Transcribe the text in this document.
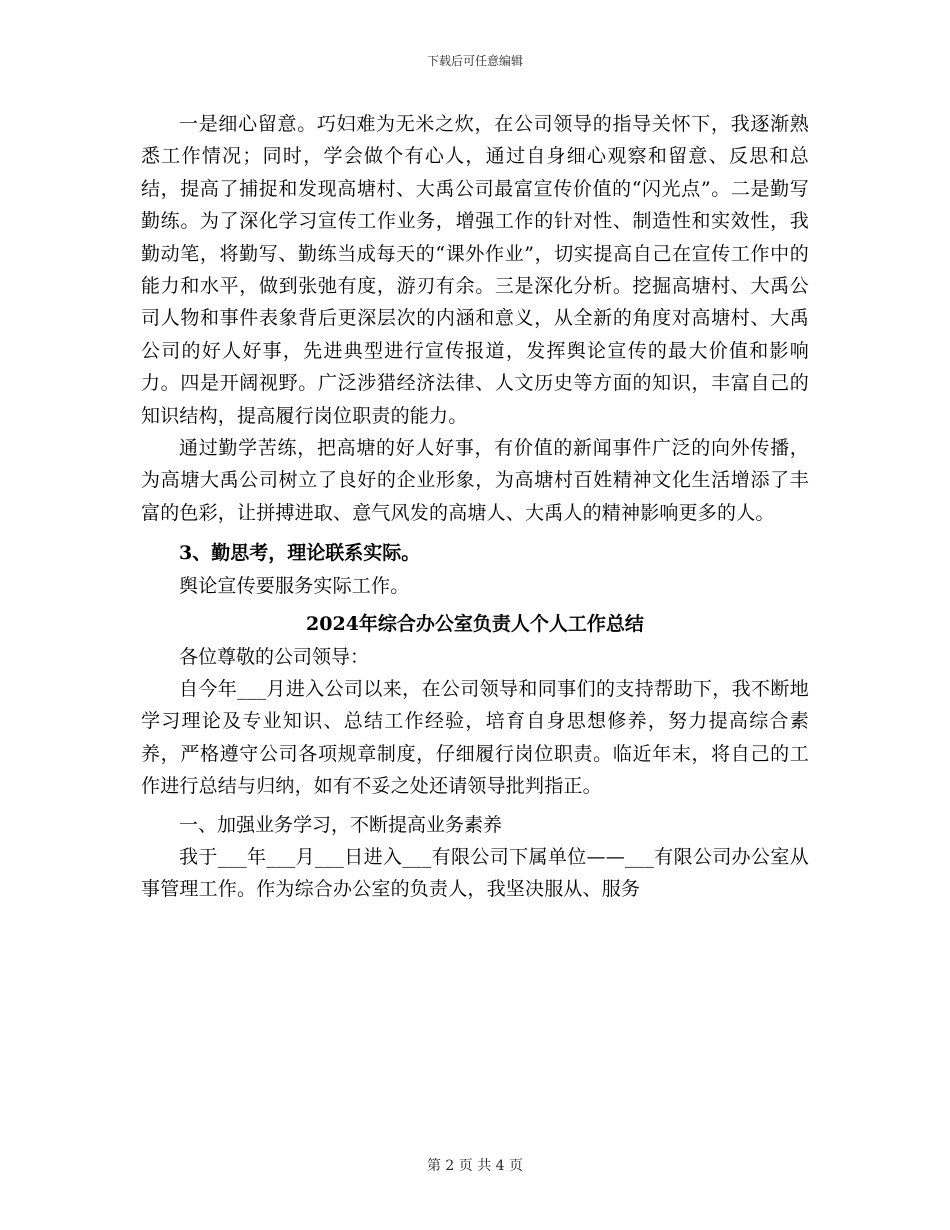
下载后可任意编辑

一是细心留意。巧妇难为无米之炊，在公司领导的指导关怀下，我逐渐熟悉工作情况；同时，学会做个有心人，通过自身细心观察和留意、反思和总结，提高了捕捉和发现高塘村、大禹公司最富宣传价值的“闪光点”。二是勤写勤练。为了深化学习宣传工作业务，增强工作的针对性、制造性和实效性，我勤动笔，将勤写、勤练当成每天的“课外作业”，切实提高自己在宣传工作中的能力和水平，做到张弛有度，游刃有余。三是深化分析。挖掘高塘村、大禹公司人物和事件表象背后更深层次的内涵和意义，从全新的角度对高塘村、大禹公司的好人好事，先进典型进行宣传报道，发挥舆论宣传的最大价值和影响力。四是开阔视野。广泛涉猎经济法律、人文历史等方面的知识，丰富自己的知识结构，提高履行岗位职责的能力。

通过勤学苦练，把高塘的好人好事，有价值的新闻事件广泛的向外传播，为高塘大禹公司树立了良好的企业形象，为高塘村百姓精神文化生活增添了丰富的色彩，让拼搏进取、意气风发的高塘人、大禹人的精神影响更多的人。

3、勤思考，理论联系实际。

舆论宣传要服务实际工作。

2024年综合办公室负责人个人工作总结

各位尊敬的公司领导：

自今年___月进入公司以来，在公司领导和同事们的支持帮助下，我不断地学习理论及专业知识、总结工作经验，培育自身思想修养，努力提高综合素养，严格遵守公司各项规章制度，仔细履行岗位职责。临近年末，将自己的工作进行总结与归纳，如有不妥之处还请领导批判指正。

一、加强业务学习，不断提高业务素养

我于___年___月___日进入___有限公司下属单位——___有限公司办公室从事管理工作。作为综合办公室的负责人，我坚决服从、服务

第 2 页 共 4 页
